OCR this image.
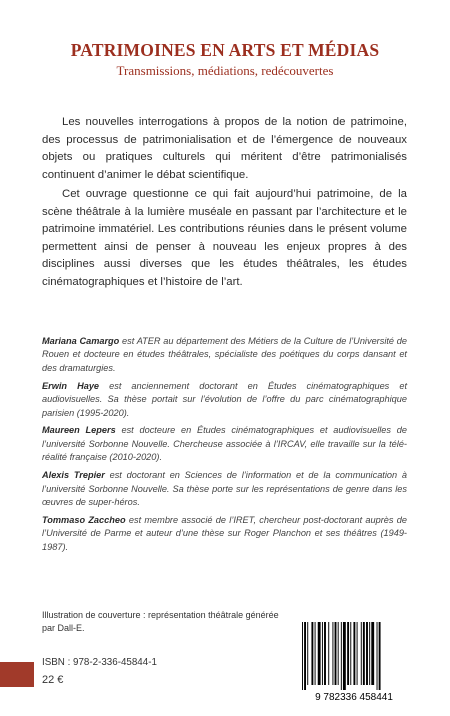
PATRIMOINES EN ARTS ET MÉDIAS
Transmissions, médiations, redécouvertes

Les nouvelles interrogations à propos de la notion de patrimoine, des processus de patrimonialisation et de l’émergence de nouveaux objets ou pratiques culturels qui méritent d’être patrimonialisés continuent d’animer le débat scientifique.

Cet ouvrage questionne ce qui fait aujourd’hui patrimoine, de la scène théâtrale à la lumière muséale en passant par l’architecture et le patrimoine immatériel. Les contributions réunies dans le présent volume permettent ainsi de penser à nouveau les enjeux propres à des disciplines aussi diverses que les études théâtrales, les études cinématographiques et l’histoire de l’art.

Mariana Camargo est ATER au département des Métiers de la Culture de l’Université de Rouen et docteure en études théâtrales, spécialiste des poétiques du corps dansant et des dramaturgies.

Erwin Haye est anciennement doctorant en Études cinématographiques et audiovisuelles. Sa thèse portait sur l’évolution de l’offre du parc cinématographique parisien (1995-2020).

Maureen Lepers est docteure en Études cinématographiques et audiovisuelles de l’université Sorbonne Nouvelle. Chercheuse associée à l’IRCAV, elle travaille sur la télé-réalité française (2010-2020).

Alexis Trepier est doctorant en Sciences de l’information et de la communication à l’université Sorbonne Nouvelle. Sa thèse porte sur les représentations de genre dans les œuvres de super-héros.

Tommaso Zaccheo est membre associé de l’IRET, chercheur post-doctorant auprès de l’Université de Parme et auteur d’une thèse sur Roger Planchon et ses théâtres (1949-1987).

Illustration de couverture : représentation théâtrale générée par Dall-E.
ISBN : 978-2-336-45844-1
22 €
9 782336 458441
